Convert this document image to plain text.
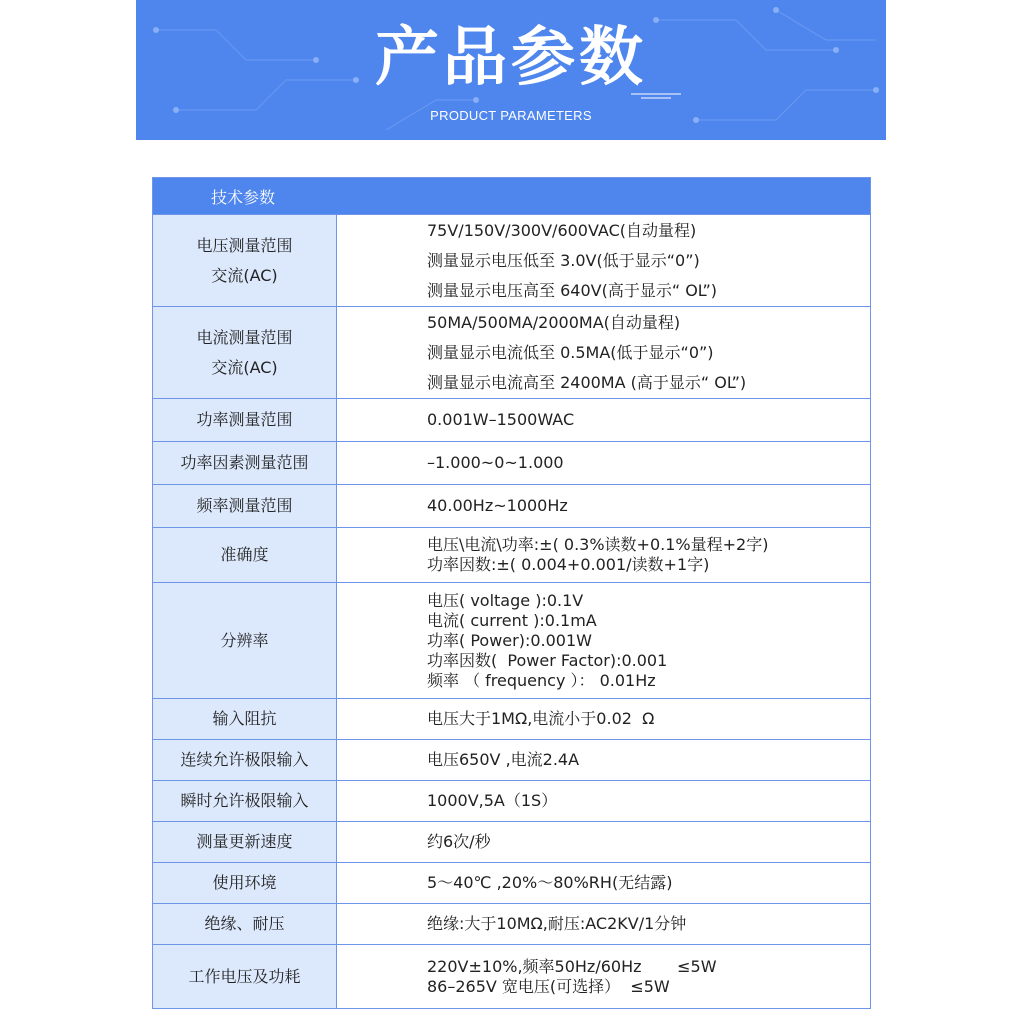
产品参数
PRODUCT PARAMETERS
技术参数	

电压测量范围
交流(AC)	75V/150V/300V/600VAC(自动量程)
测量显示电压低至 3.0V(低于显示“0”)
测量显示电压高至 640V(高于显示“ OL”)

电流测量范围
交流(AC)	50MA/500MA/2000MA(自动量程)
测量显示电流低至 0.5MA(低于显示“0”)
测量显示电流高至 2400MA (高于显示“ OL”)

功率测量范围	0.001W–1500WAC

功率因素测量范围	–1.000~0~1.000

频率测量范围	40.00Hz~1000Hz

准确度	电压\电流\功率:±( 0.3%读数+0.1%量程+2字)
功率因数:±( 0.004+0.001/读数+1字)

分辨率	电压( voltage ):0.1V
电流( current ):0.1mA
功率( Power):0.001W
功率因数(  Power Factor):0.001
频率 （ frequency ）： 0.01Hz

输入阻抗	电压大于1MΩ,电流小于0.02  Ω

连续允许极限输入	电压650V ,电流2.4A

瞬时允许极限输入	1000V,5A（1S）

测量更新速度	约6次/秒

使用环境	5～40℃ ,20%～80%RH(无结露)

绝缘、耐压	绝缘:大于10MΩ,耐压:AC2KV/1分钟

工作电压及功耗	220V±10%,频率50Hz/60Hz       ≤5W
86–265V 宽电压(可选择）  ≤5W
